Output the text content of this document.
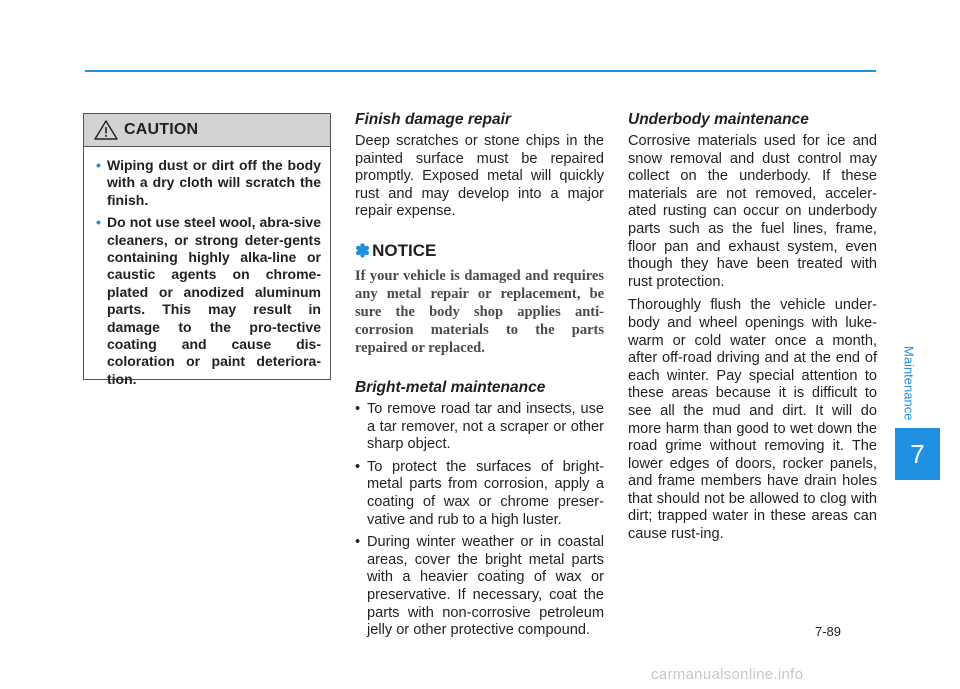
CAUTION
• Wiping dust or dirt off the body with a dry cloth will scratch the finish.
• Do not use steel wool, abra-sive cleaners, or strong deter-gents containing highly alka-line or caustic agents on chrome-plated or anodized aluminum parts. This may result in damage to the pro-tective coating and cause dis-coloration or paint deteriora-tion.
Finish damage repair

Deep scratches or stone chips in the painted surface must be repaired promptly. Exposed metal will quickly rust and may develop into a major repair expense.

✽ NOTICE
If your vehicle is damaged and requires any metal repair or replacement, be sure the body shop applies anti-corrosion materials to the parts repaired or replaced.
Bright-metal maintenance
• To remove road tar and insects, use a tar remover, not a scraper or other sharp object.
• To protect the surfaces of bright-metal parts from corrosion, apply a coating of wax or chrome preser-vative and rub to a high luster.
• During winter weather or in coastal areas, cover the bright metal parts with a heavier coating of wax or preservative. If necessary, coat the parts with non-corrosive petroleum jelly or other protective compound.
Underbody maintenance

Corrosive materials used for ice and snow removal and dust control may collect on the underbody. If these materials are not removed, acceler-ated rusting can occur on underbody parts such as the fuel lines, frame, floor pan and exhaust system, even though they have been treated with rust protection.

Thoroughly flush the vehicle under-body and wheel openings with luke-warm or cold water once a month, after off-road driving and at the end of each winter. Pay special attention to these areas because it is difficult to see all the mud and dirt. It will do more harm than good to wet down the road grime without removing it. The lower edges of doors, rocker panels, and frame members have drain holes that should not be allowed to clog with dirt; trapped water in these areas can cause rust-ing.

Maintenance
7
7-89
carmanualsonline.info
